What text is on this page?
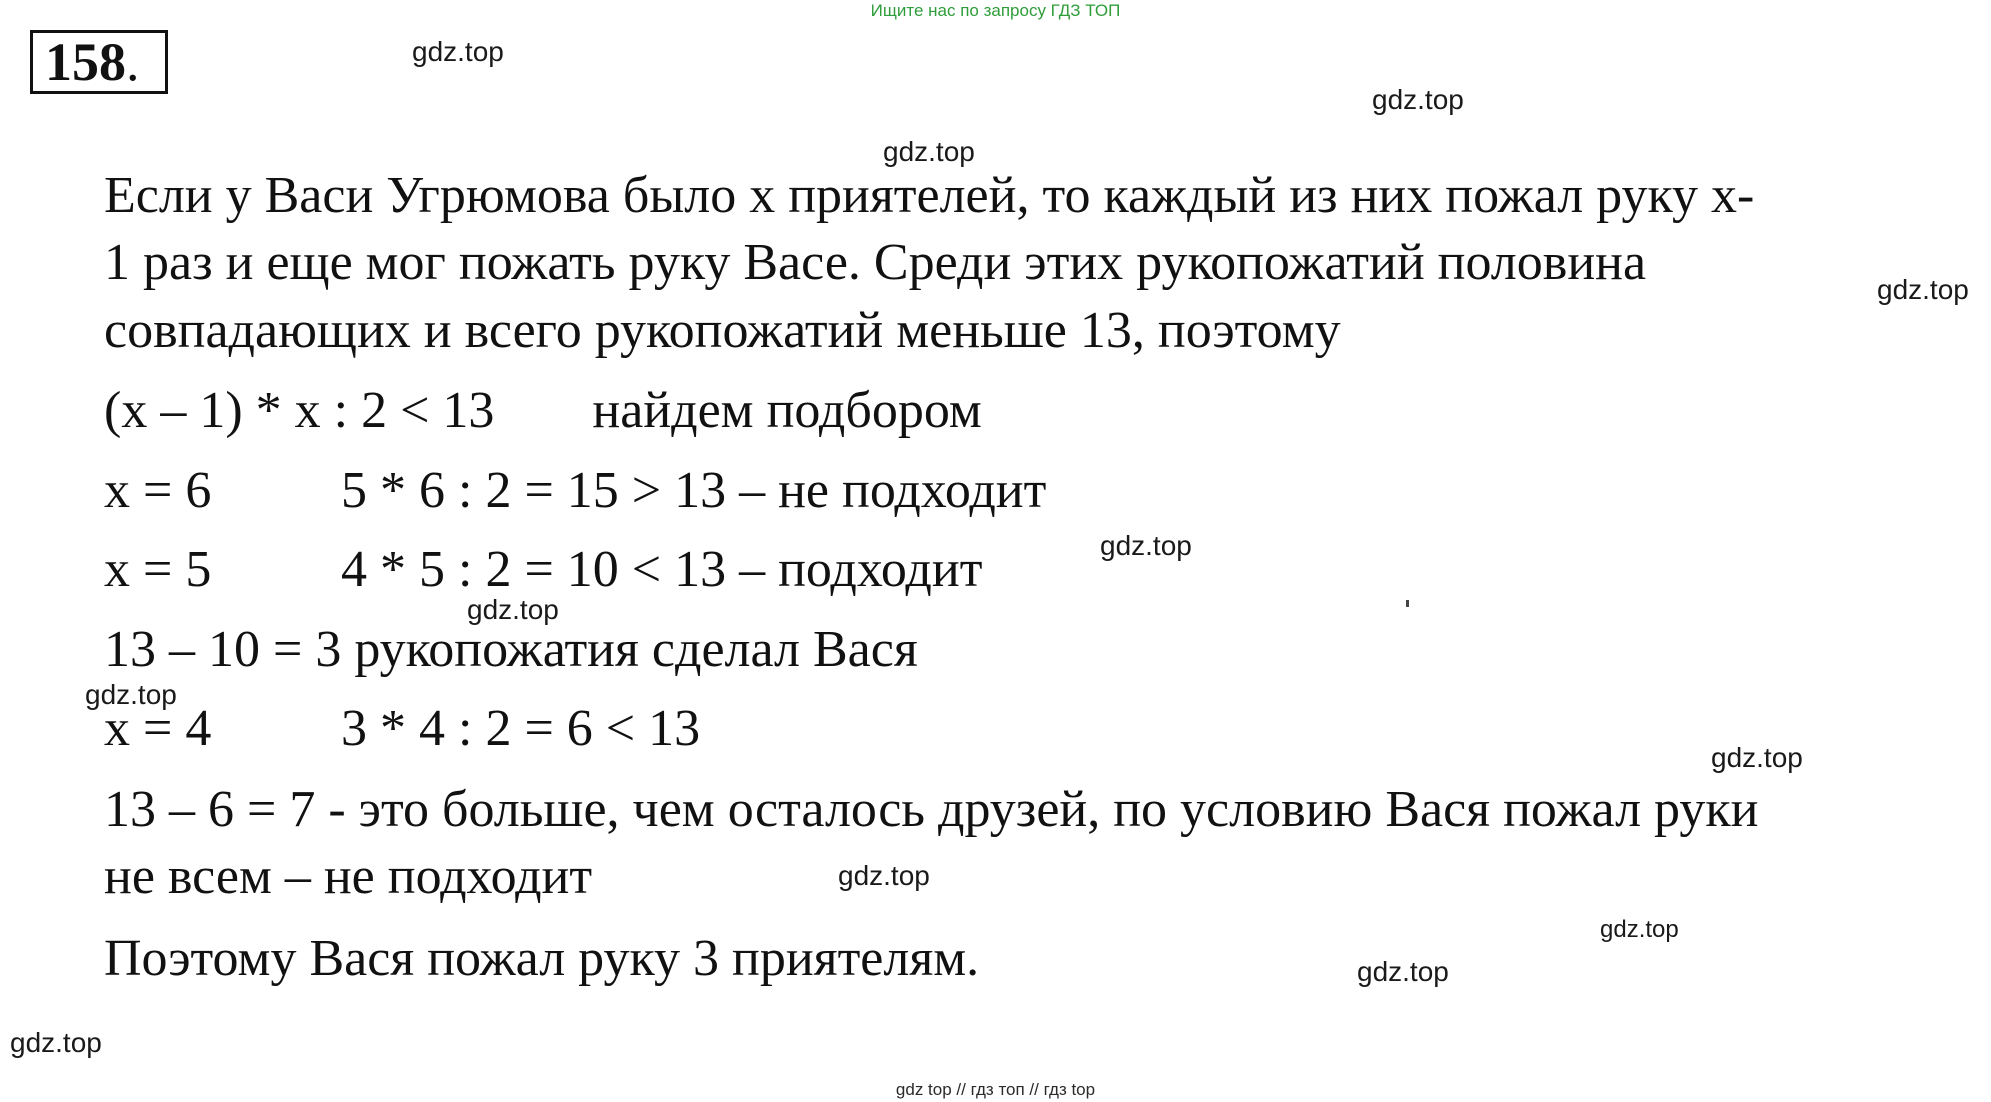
Ищите нас по запросу ГДЗ ТОП
158 .	gdz.top
gdz.top
gdz.top
gdz.top
gdz.top
gdz.top
gdz.top
gdz.top
gdz.top
gdz.top
gdz.top
gdz.top
Если у Васи Угрюмова было х приятелей, то каждый из них пожал руку х-
1 раз и еще мог пожать руку Васе. Среди этих рукопожатий половина
совпадающих и всего рукопожатий меньше 13, поэтому
(х – 1) * х : 2 < 13 найдем подбором
х = 6 5 * 6 : 2 = 15 > 13 – не подходит
х = 5 4 * 5 : 2 = 10 < 13 – подходит
13 – 10 = 3 рукопожатия сделал Вася
х = 4 3 * 4 : 2 = 6 < 13
13 – 6 = 7 - это больше, чем осталось друзей, по условию Вася пожал руки
не всем – не подходит
Поэтому Вася пожал руку 3 приятелям.
gdz top // гдз топ // гдз top
